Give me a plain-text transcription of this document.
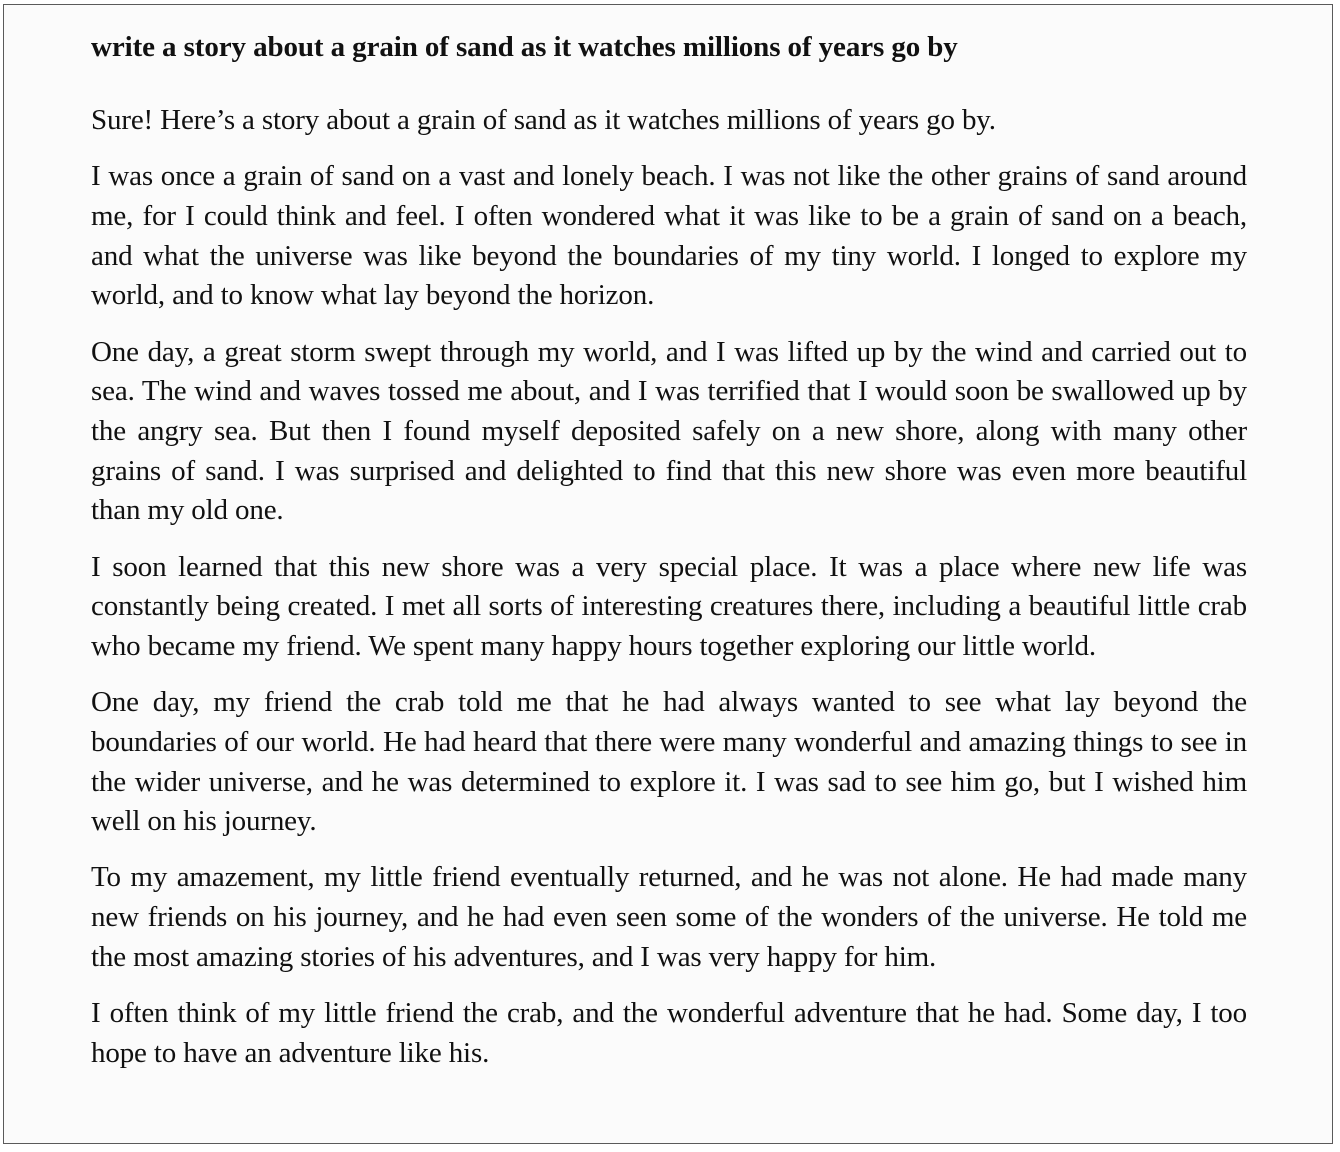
write a story about a grain of sand as it watches millions of years go by

Sure! Here’s a story about a grain of sand as it watches millions of years go by.

I was once a grain of sand on a vast and lonely beach. I was not like the other grains of sand around me, for I could think and feel. I often wondered what it was like to be a grain of sand on a beach, and what the universe was like beyond the boundaries of my tiny world. I longed to explore my world, and to know what lay beyond the horizon.

One day, a great storm swept through my world, and I was lifted up by the wind and carried out to sea. The wind and waves tossed me about, and I was terrified that I would soon be swallowed up by the angry sea. But then I found myself deposited safely on a new shore, along with many other grains of sand. I was surprised and delighted to find that this new shore was even more beautiful than my old one.

I soon learned that this new shore was a very special place. It was a place where new life was constantly being created. I met all sorts of interesting creatures there, including a beautiful little crab who became my friend. We spent many happy hours together exploring our little world.

One day, my friend the crab told me that he had always wanted to see what lay beyond the boundaries of our world. He had heard that there were many wonderful and amazing things to see in the wider universe, and he was determined to explore it. I was sad to see him go, but I wished him well on his journey.

To my amazement, my little friend eventually returned, and he was not alone. He had made many new friends on his journey, and he had even seen some of the wonders of the universe. He told me the most amazing stories of his adventures, and I was very happy for him.

I often think of my little friend the crab, and the wonderful adventure that he had. Some day, I too hope to have an adventure like his.
